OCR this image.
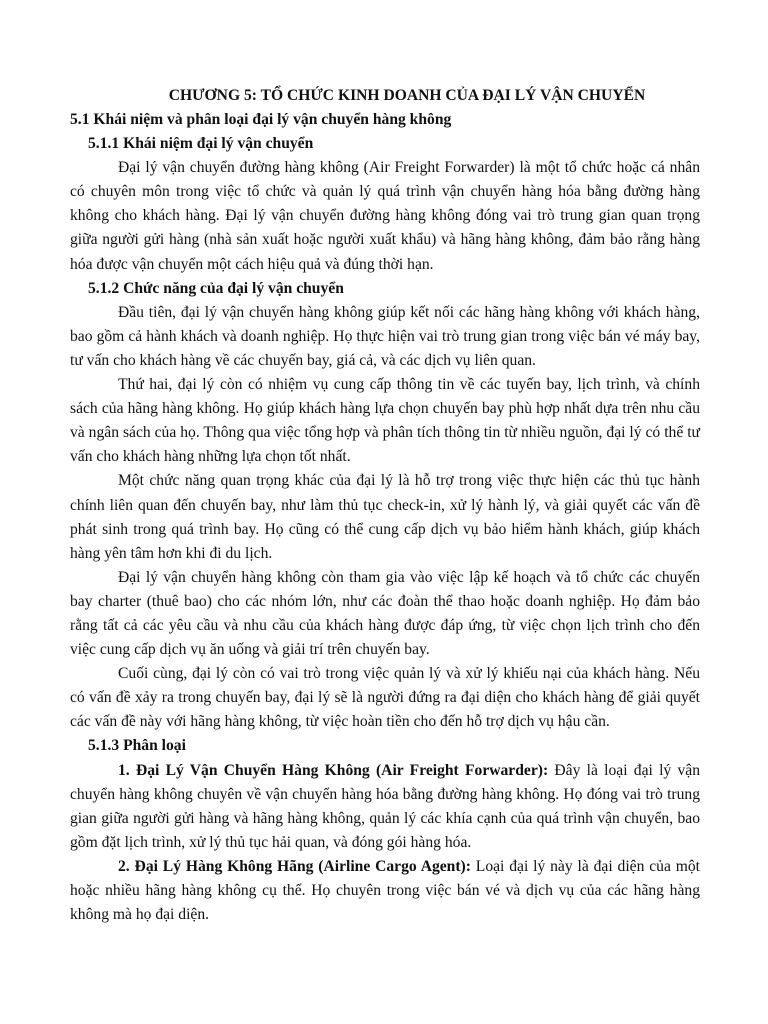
CHƯƠNG 5: TỔ CHỨC KINH DOANH CỦA ĐẠI LÝ VẬN CHUYỂN
5.1 Khái niệm và phân loại đại lý vận chuyển hàng không
5.1.1 Khái niệm đại lý vận chuyển

Đại lý vận chuyển đường hàng không (Air Freight Forwarder) là một tổ chức hoặc cá nhân có chuyên môn trong việc tổ chức và quản lý quá trình vận chuyển hàng hóa bằng đường hàng không cho khách hàng. Đại lý vận chuyển đường hàng không đóng vai trò trung gian quan trọng giữa người gửi hàng (nhà sản xuất hoặc người xuất khẩu) và hãng hàng không, đảm bảo rằng hàng hóa được vận chuyển một cách hiệu quả và đúng thời hạn.

5.1.2 Chức năng của đại lý vận chuyển

Đầu tiên, đại lý vận chuyển hàng không giúp kết nối các hãng hàng không với khách hàng, bao gồm cả hành khách và doanh nghiệp. Họ thực hiện vai trò trung gian trong việc bán vé máy bay, tư vấn cho khách hàng về các chuyến bay, giá cả, và các dịch vụ liên quan.

Thứ hai, đại lý còn có nhiệm vụ cung cấp thông tin về các tuyến bay, lịch trình, và chính sách của hãng hàng không. Họ giúp khách hàng lựa chọn chuyến bay phù hợp nhất dựa trên nhu cầu và ngân sách của họ. Thông qua việc tổng hợp và phân tích thông tin từ nhiều nguồn, đại lý có thể tư vấn cho khách hàng những lựa chọn tốt nhất.

Một chức năng quan trọng khác của đại lý là hỗ trợ trong việc thực hiện các thủ tục hành chính liên quan đến chuyến bay, như làm thủ tục check-in, xử lý hành lý, và giải quyết các vấn đề phát sinh trong quá trình bay. Họ cũng có thể cung cấp dịch vụ bảo hiểm hành khách, giúp khách hàng yên tâm hơn khi đi du lịch.

Đại lý vận chuyển hàng không còn tham gia vào việc lập kế hoạch và tổ chức các chuyến bay charter (thuê bao) cho các nhóm lớn, như các đoàn thể thao hoặc doanh nghiệp. Họ đảm bảo rằng tất cả các yêu cầu và nhu cầu của khách hàng được đáp ứng, từ việc chọn lịch trình cho đến việc cung cấp dịch vụ ăn uống và giải trí trên chuyến bay.

Cuối cùng, đại lý còn có vai trò trong việc quản lý và xử lý khiếu nại của khách hàng. Nếu có vấn đề xảy ra trong chuyến bay, đại lý sẽ là người đứng ra đại diện cho khách hàng để giải quyết các vấn đề này với hãng hàng không, từ việc hoàn tiền cho đến hỗ trợ dịch vụ hậu cần.

5.1.3 Phân loại

1. Đại Lý Vận Chuyển Hàng Không (Air Freight Forwarder): Đây là loại đại lý vận chuyển hàng không chuyên về vận chuyển hàng hóa bằng đường hàng không. Họ đóng vai trò trung gian giữa người gửi hàng và hãng hàng không, quản lý các khía cạnh của quá trình vận chuyển, bao gồm đặt lịch trình, xử lý thủ tục hải quan, và đóng gói hàng hóa.

2. Đại Lý Hàng Không Hãng (Airline Cargo Agent): Loại đại lý này là đại diện của một hoặc nhiều hãng hàng không cụ thể. Họ chuyên trong việc bán vé và dịch vụ của các hãng hàng không mà họ đại diện.
